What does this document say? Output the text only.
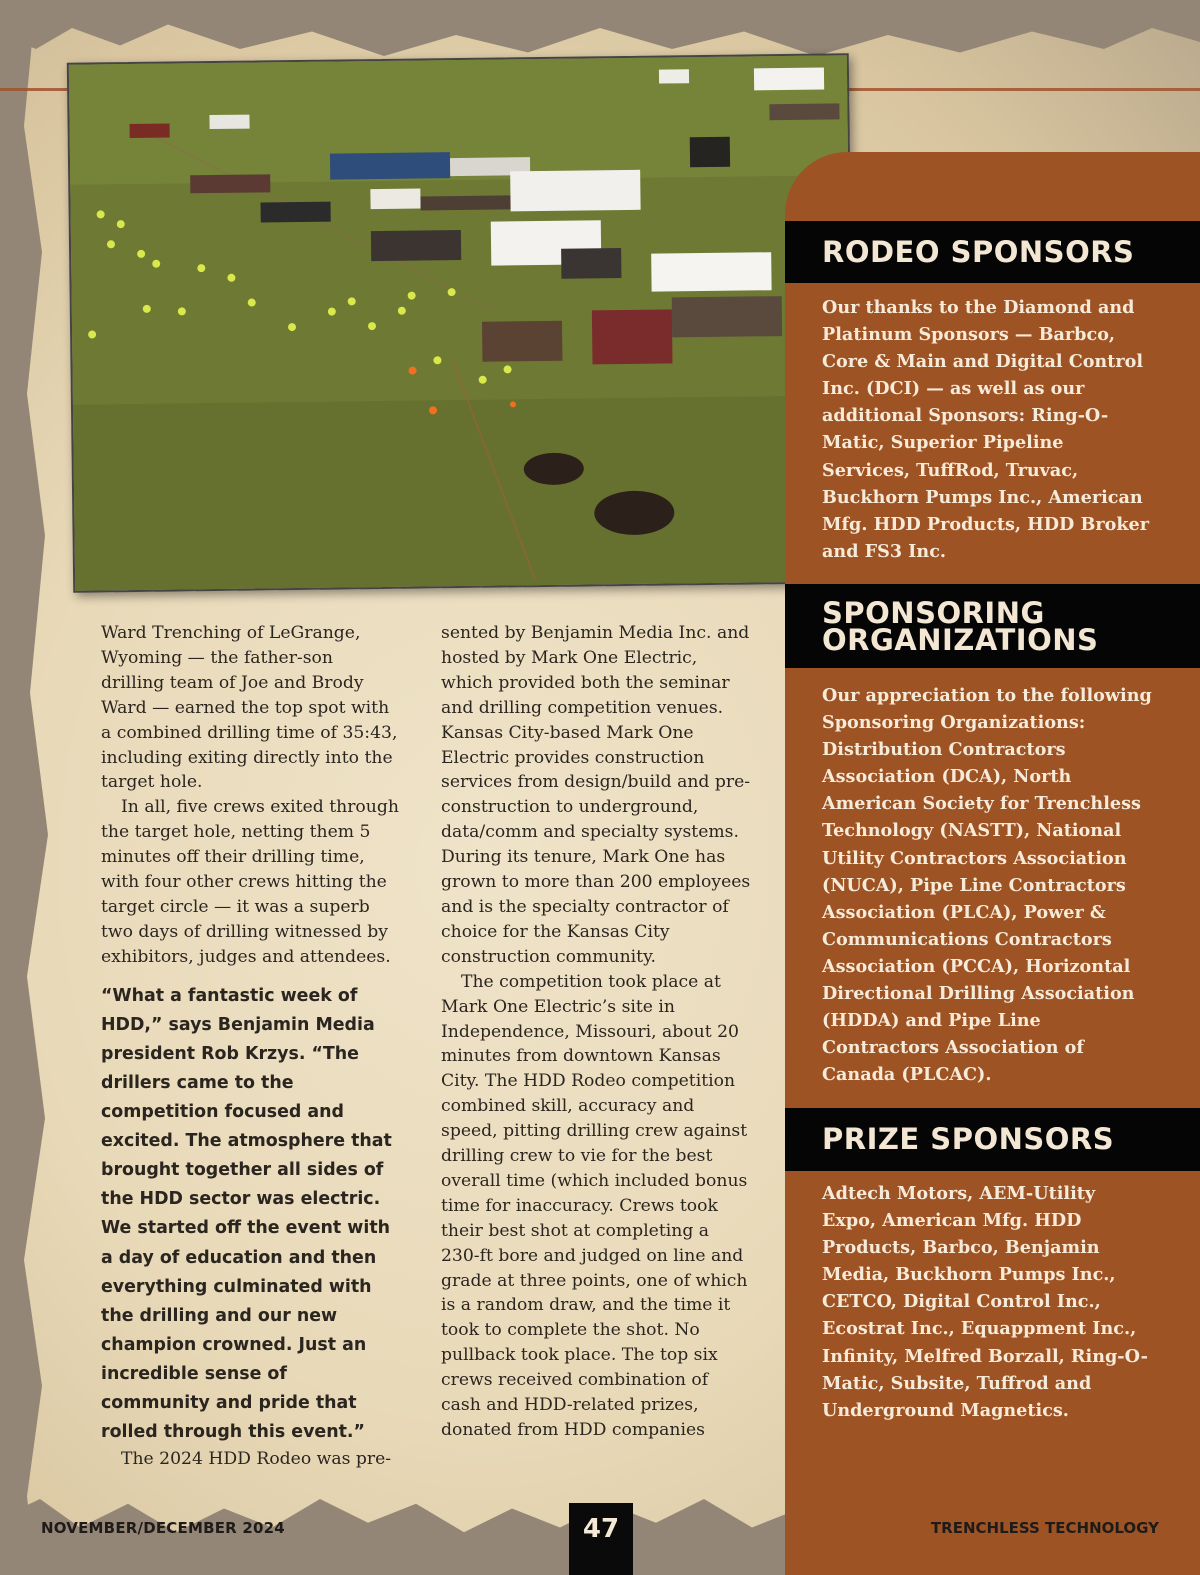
Ward Trenching of LeGrange, Wyoming — the father-son drilling team of Joe and Brody Ward — earned the top spot with a combined drilling time of 35:43, including exiting directly into the target hole.

In all, five crews exited through the target hole, netting them 5 minutes off their drilling time, with four other crews hitting the target circle — it was a superb two days of drilling witnessed by exhibitors, judges and attendees.

“What a fantastic week of HDD,” says Benjamin Media president Rob Krzys. “The drillers came to the competition focused and excited. The atmosphere that brought together all sides of the HDD sector was electric. We started off the event with a day of education and then everything culminated with the drilling and our new champion crowned. Just an incredible sense of community and pride that rolled through this event.”

The 2024 HDD Rodeo was pre-

sented by Benjamin Media Inc. and hosted by Mark One Electric, which provided both the seminar and drilling competition venues. Kansas City-based Mark One Electric provides construction services from design/build and pre-construction to underground, data/comm and specialty systems. During its tenure, Mark One has grown to more than 200 employees and is the specialty contractor of choice for the Kansas City construction community.

The competition took place at Mark One Electric’s site in Independence, Missouri, about 20 minutes from downtown Kansas City. The HDD Rodeo competition combined skill, accuracy and speed, pitting drilling crew against drilling crew to vie for the best overall time (which included bonus time for inaccuracy. Crews took their best shot at completing a 230-ft bore and judged on line and grade at three points, one of which is a random draw, and the time it took to complete the shot. No pullback took place. The top six crews received combination of cash and HDD-related prizes, donated from HDD companies

RODEO SPONSORS
Our thanks to the Diamond and Platinum Sponsors — Barbco, Core & Main and Digital Control Inc. (DCI) — as well as our additional Sponsors: Ring-O-Matic, Superior Pipeline Services, TuffRod, Truvac, Buckhorn Pumps Inc., American Mfg. HDD Products, HDD Broker and FS3 Inc.
SPONSORING
ORGANIZATIONS
Our appreciation to the following Sponsoring Organizations: Distribution Contractors Association (DCA), North American Society for Trenchless Technology (NASTT), National Utility Contractors Association (NUCA), Pipe Line Contractors Association (PLCA), Power & Communications Contractors Association (PCCA), Horizontal Directional Drilling Association (HDDA) and Pipe Line Contractors Association of Canada (PLCAC).
PRIZE SPONSORS
Adtech Motors, AEM-Utility Expo, American Mfg. HDD Products, Barbco, Benjamin Media, Buckhorn Pumps Inc., CETCO, Digital Control Inc., Ecostrat Inc., Equappment Inc., Infinity, Melfred Borzall, Ring-O-Matic, Subsite, Tuffrod and Underground Magnetics.
NOVEMBER/DECEMBER 2024	47	TRENCHLESS TECHNOLOGY
